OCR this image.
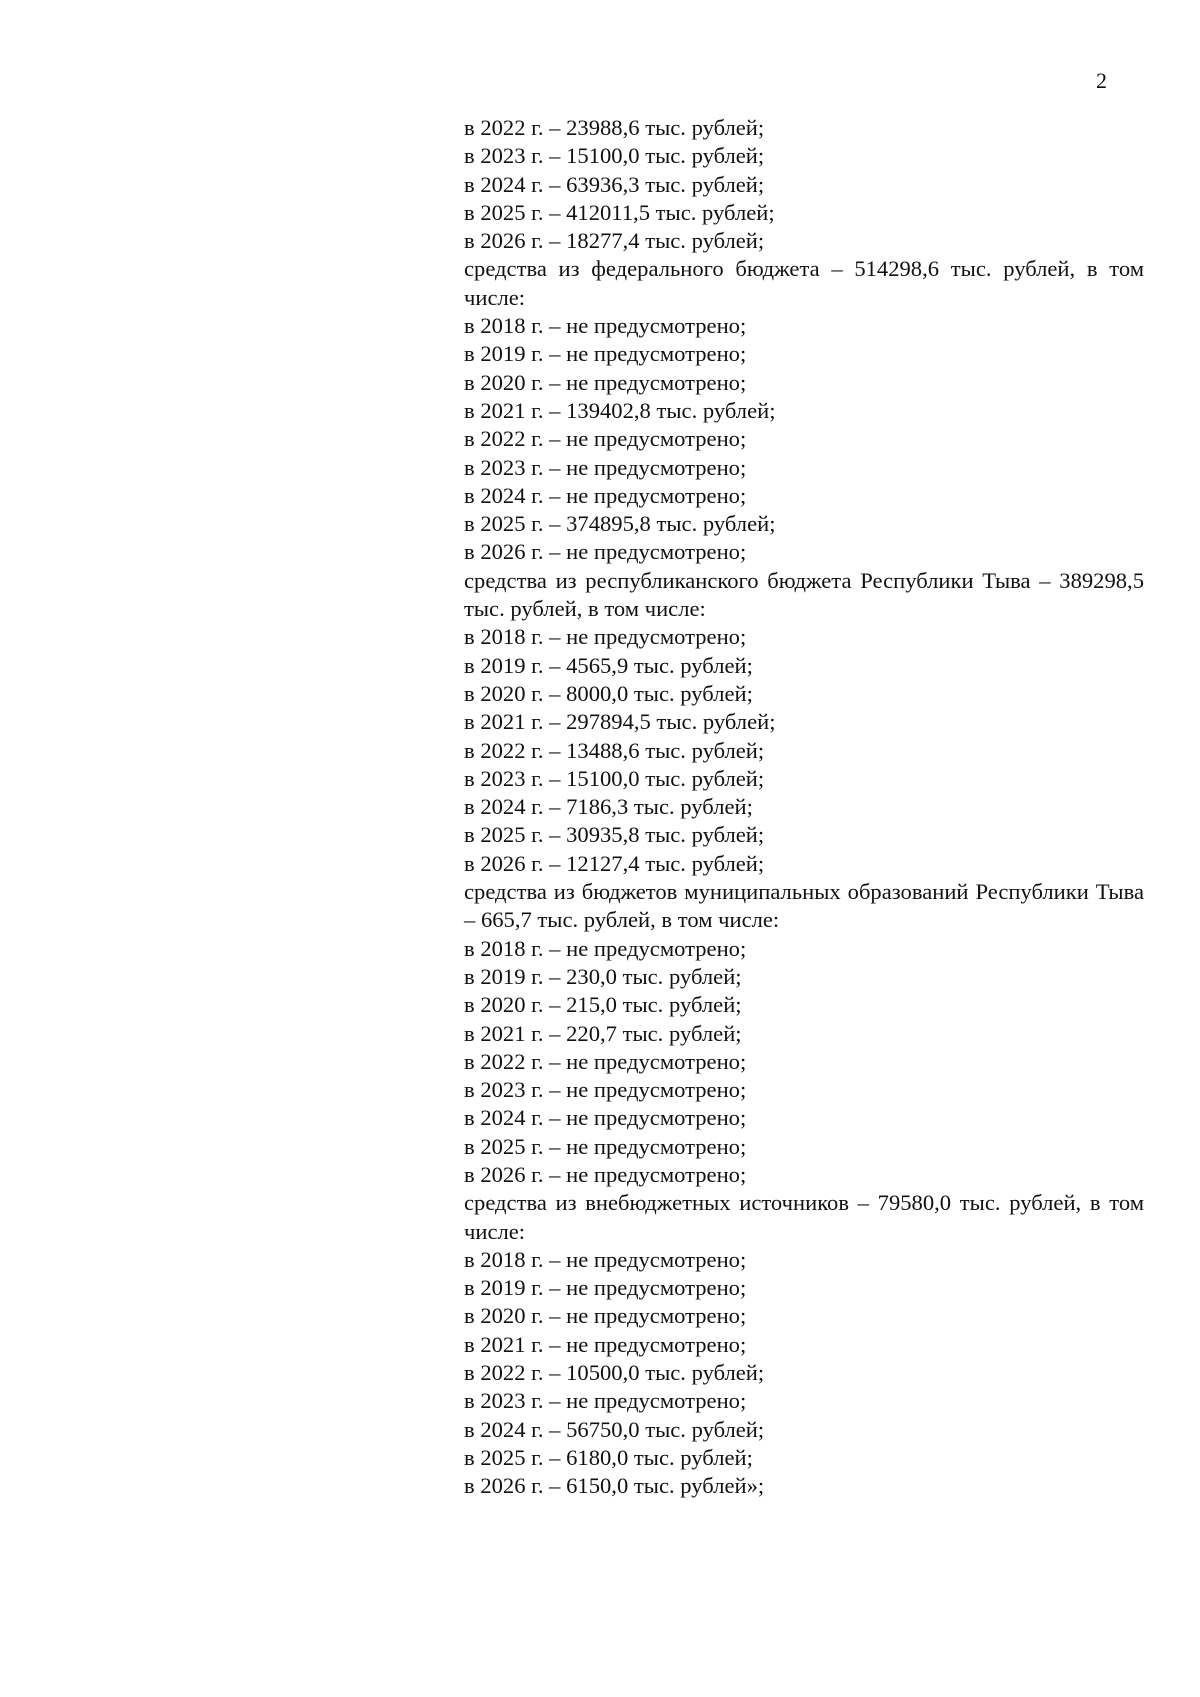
2
в 2022 г. – 23988,6 тыс. рублей;
в 2023 г. – 15100,0 тыс. рублей;
в 2024 г. – 63936,3 тыс. рублей;
в 2025 г. – 412011,5 тыс. рублей;
в 2026 г. – 18277,4 тыс. рублей;
средства из федерального бюджета – 514298,6 тыс. рублей, в том числе:
в 2018 г. – не предусмотрено;
в 2019 г. – не предусмотрено;
в 2020 г. – не предусмотрено;
в 2021 г. – 139402,8 тыс. рублей;
в 2022 г. – не предусмотрено;
в 2023 г. – не предусмотрено;
в 2024 г. – не предусмотрено;
в 2025 г. – 374895,8 тыс. рублей;
в 2026 г. – не предусмотрено;
средства из республиканского бюджета Республики Тыва – 389298,5 тыс. рублей, в том числе:
в 2018 г. – не предусмотрено;
в 2019 г. – 4565,9 тыс. рублей;
в 2020 г. – 8000,0 тыс. рублей;
в 2021 г. – 297894,5 тыс. рублей;
в 2022 г. – 13488,6 тыс. рублей;
в 2023 г. – 15100,0 тыс. рублей;
в 2024 г. – 7186,3 тыс. рублей;
в 2025 г. – 30935,8 тыс. рублей;
в 2026 г. – 12127,4 тыс. рублей;
средства из бюджетов муниципальных образований Республики Тыва – 665,7 тыс. рублей, в том числе:
в 2018 г. – не предусмотрено;
в 2019 г. – 230,0 тыс. рублей;
в 2020 г. – 215,0 тыс. рублей;
в 2021 г. – 220,7 тыс. рублей;
в 2022 г. – не предусмотрено;
в 2023 г. – не предусмотрено;
в 2024 г. – не предусмотрено;
в 2025 г. – не предусмотрено;
в 2026 г. – не предусмотрено;
средства из внебюджетных источников – 79580,0 тыс. рублей, в том числе:
в 2018 г. – не предусмотрено;
в 2019 г. – не предусмотрено;
в 2020 г. – не предусмотрено;
в 2021 г. – не предусмотрено;
в 2022 г. – 10500,0 тыс. рублей;
в 2023 г. – не предусмотрено;
в 2024 г. – 56750,0 тыс. рублей;
в 2025 г. – 6180,0 тыс. рублей;
в 2026 г. – 6150,0 тыс. рублей»;
